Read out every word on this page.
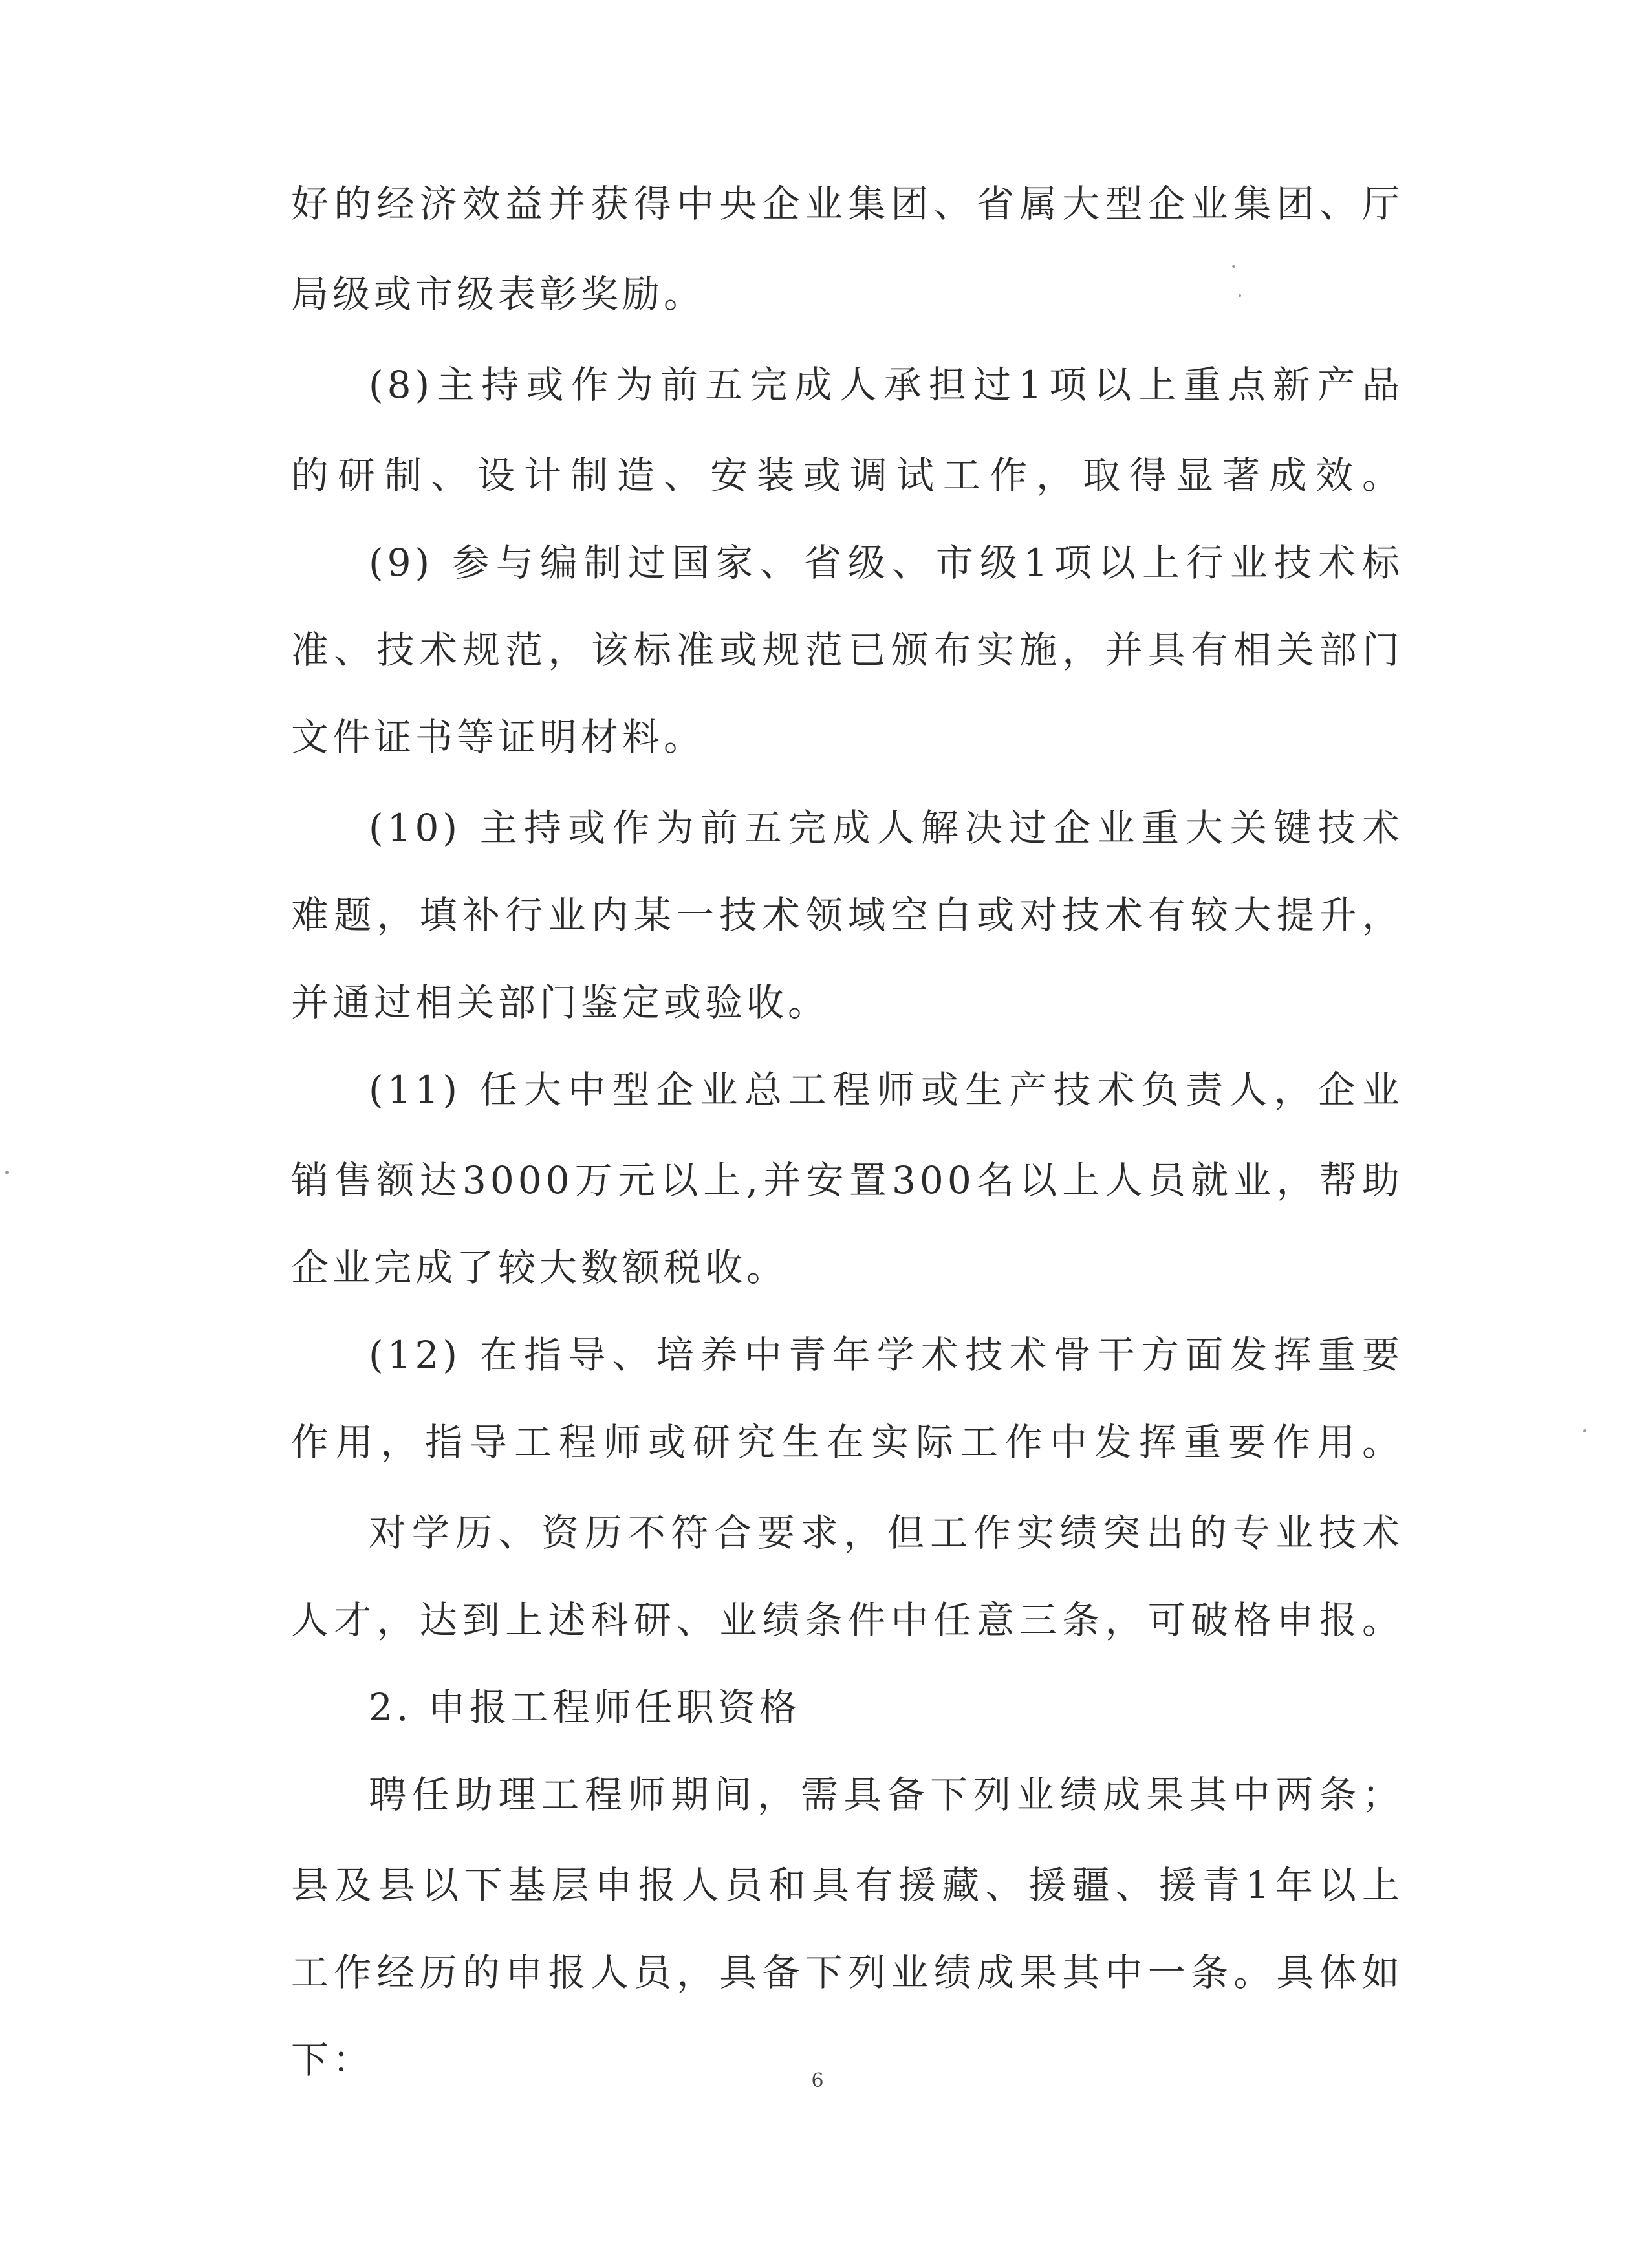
好的经济效益并获得中央企业集团、省属大型企业集团、厅
局级或市级表彰奖励。
(8)主持或作为前五完成人承担过1项以上重点新产品
的研制、设计制造、安装或调试工作，取得显著成效。
(9) 参与编制过国家、省级、市级1项以上行业技术标
准、技术规范，该标准或规范已颁布实施，并具有相关部门
文件证书等证明材料。
(10) 主持或作为前五完成人解决过企业重大关键技术
难题，填补行业内某一技术领域空白或对技术有较大提升，
并通过相关部门鉴定或验收。
(11) 任大中型企业总工程师或生产技术负责人，企业
销售额达3000万元以上,并安置300名以上人员就业，帮助
企业完成了较大数额税收。
(12) 在指导、培养中青年学术技术骨干方面发挥重要
作用，指导工程师或研究生在实际工作中发挥重要作用。
对学历、资历不符合要求，但工作实绩突出的专业技术
人才，达到上述科研、业绩条件中任意三条，可破格申报。
2. 申报工程师任职资格
聘任助理工程师期间，需具备下列业绩成果其中两条；
县及县以下基层申报人员和具有援藏、援疆、援青1年以上
工作经历的申报人员，具备下列业绩成果其中一条。具体如
下：	6
